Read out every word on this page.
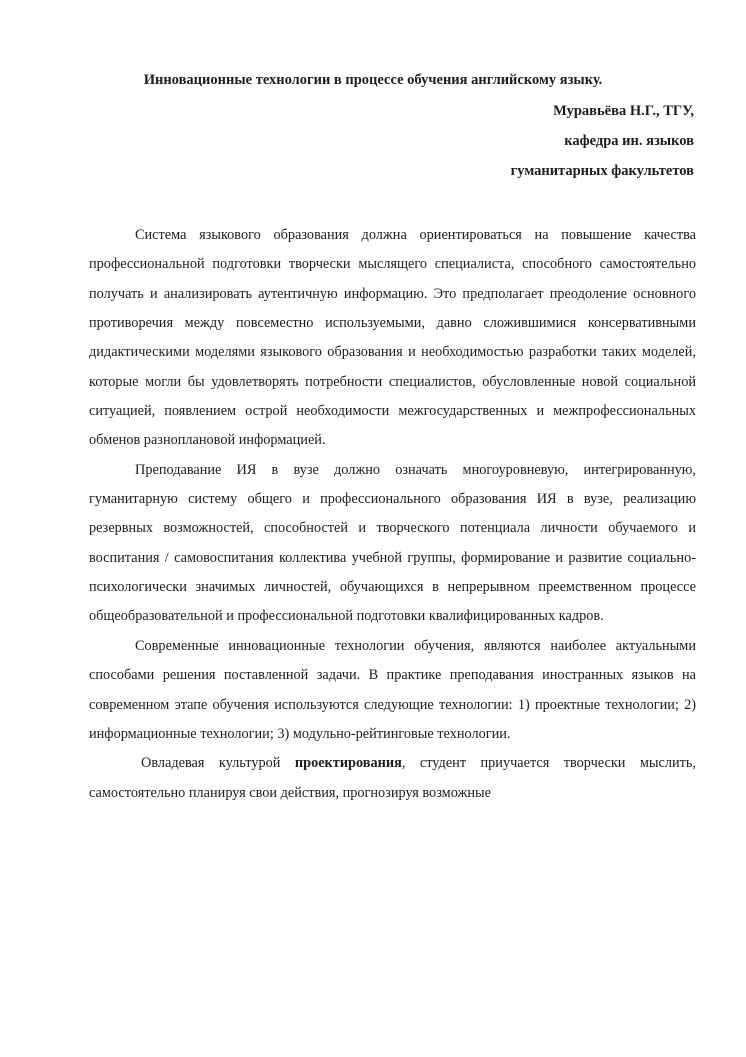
Инновационные технологии в процессе обучения английскому языку.
Муравьёва Н.Г., ТГУ,
кафедра ин. языков
гуманитарных факультетов

Система языкового образования должна ориентироваться на повышение качества профессиональной подготовки творчески мыслящего специалиста, способного самостоятельно получать и анализировать аутентичную информацию. Это предполагает преодоление основного противоречия между повсеместно используемыми, давно сложившимися консервативными дидактическими моделями языкового образования и необходимостью разработки таких моделей, которые могли бы удовлетворять потребности специалистов, обусловленные новой социальной ситуацией, появлением острой необходимости межгосударственных и межпрофессиональных обменов разноплановой информацией.

Преподавание ИЯ в вузе должно означать многоуровневую, интегрированную, гуманитарную систему общего и профессионального образования ИЯ в вузе, реализацию резервных возможностей, способностей и творческого потенциала личности обучаемого и воспитания / самовоспитания коллектива учебной группы, формирование и развитие социально-психологически значимых личностей, обучающихся в непрерывном преемственном процессе общеобразовательной и профессиональной подготовки квалифицированных кадров.

Современные инновационные технологии обучения, являются наиболее актуальными способами решения поставленной задачи. В практике преподавания иностранных языков на современном этапе обучения используются следующие технологии: 1) проектные технологии; 2) информационные технологии; 3) модульно-рейтинговые технологии.

Овладевая культурой проектирования, студент приучается творчески мыслить, самостоятельно планируя свои действия, прогнозируя возможные
